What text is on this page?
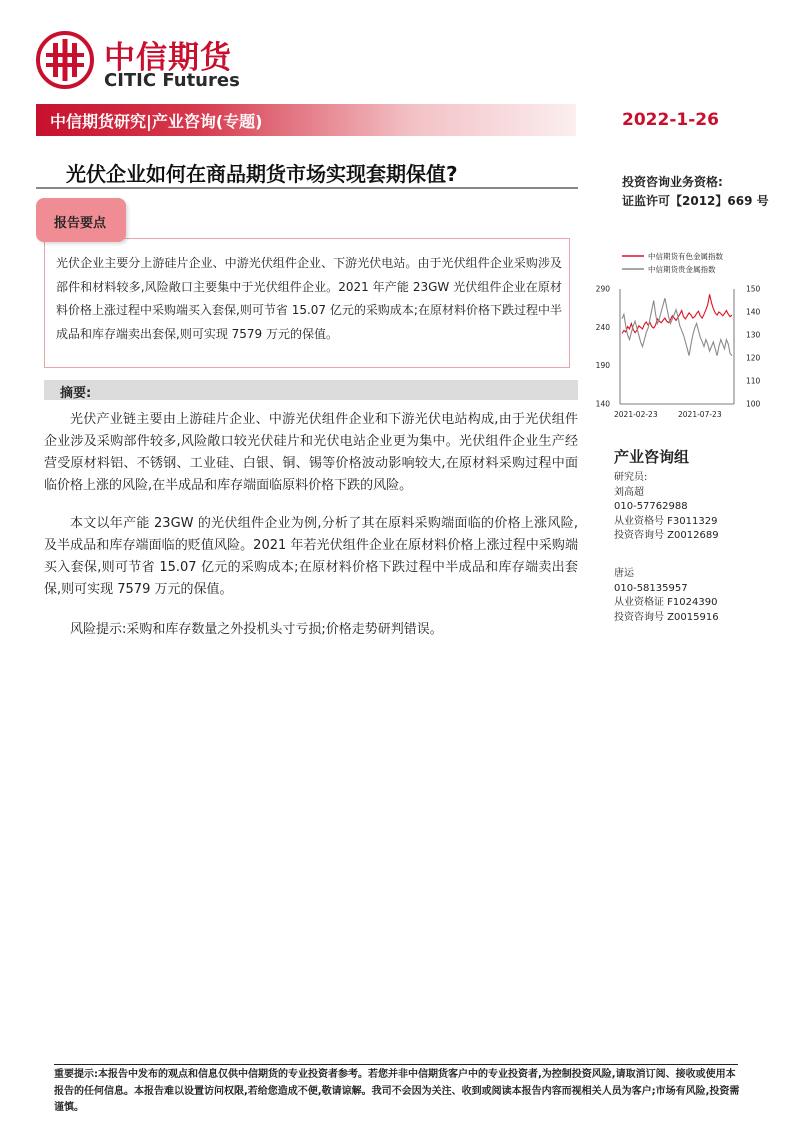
中信期货
CITIC Futures
中信期货研究|产业咨询(专题)	2022-1-26
光伏企业如何在商品期货市场实现套期保值?	投资咨询业务资格:
证监许可【2012】669 号
报告要点
光伏企业主要分上游硅片企业、中游光伏组件企业、下游光伏电站。由于光伏组件企业采购涉及部件和材料较多,风险敞口主要集中于光伏组件企业。2021 年产能 23GW 光伏组件企业在原材料价格上涨过程中采购端买入套保,则可节省 15.07 亿元的采购成本;在原材料价格下跌过程中半成品和库存端卖出套保,则可实现 7579 万元的保值。
摘要:
光伏产业链主要由上游硅片企业、中游光伏组件企业和下游光伏电站构成,由于光伏组件企业涉及采购部件较多,风险敞口较光伏硅片和光伏电站企业更为集中。光伏组件企业生产经营受原材料铝、不锈钢、工业硅、白银、铜、锡等价格波动影响较大,在原材料采购过程中面临价格上涨的风险,在半成品和库存端面临原料价格下跌的风险。
本文以年产能 23GW 的光伏组件企业为例,分析了其在原料采购端面临的价格上涨风险,及半成品和库存端面临的贬值风险。2021 年若光伏组件企业在原材料价格上涨过程中采购端买入套保,则可节省 15.07 亿元的采购成本;在原材料价格下跌过程中半成品和库存端卖出套保,则可实现 7579 万元的保值。
风险提示:采购和库存数量之外投机头寸亏损;价格走势研判错误。
中信期货有色金属指数
中信期货贵金属指数
140
190
240
290
100
110
120
130
140
150
2021-02-23	2021-07-23
产业咨询组
研究员:
刘高超
010-57762988
从业资格号 F3011329
投资咨询号 Z0012689
唐运
010-58135957
从业资格证 F1024390
投资咨询号 Z0015916
重要提示:本报告中发布的观点和信息仅供中信期货的专业投资者参考。若您并非中信期货客户中的专业投资者,为控制投资风险,请取消订阅、接收或使用本报告的任何信息。本报告难以设置访问权限,若给您造成不便,敬请谅解。我司不会因为关注、收到或阅读本报告内容而视相关人员为客户;市场有风险,投资需谨慎。
